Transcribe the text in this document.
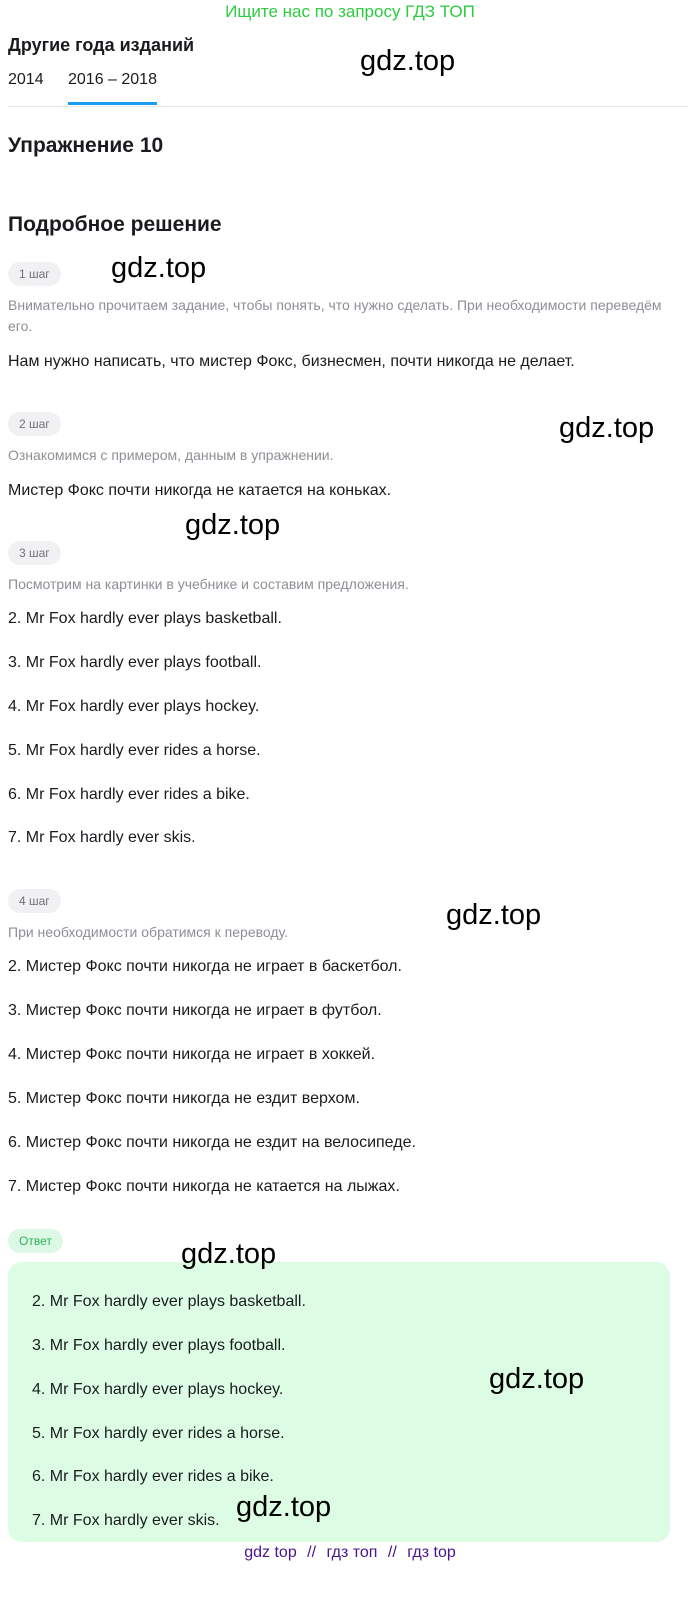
Ищите нас по запросу ГДЗ ТОП
Другие года изданий
2014 2016 – 2018
Упражнение 10
Подробное решение
1 шаг
Внимательно прочитаем задание, чтобы понять, что нужно сделать. При необходимости переведём его.
Нам нужно написать, что мистер Фокс, бизнесмен, почти никогда не делает.
2 шаг
Ознакомимся с примером, данным в упражнении.
Мистер Фокс почти никогда не катается на коньках.
3 шаг
Посмотрим на картинки в учебнике и составим предложения.
2. Mr Fox hardly ever plays basketball.
3. Mr Fox hardly ever plays football.
4. Mr Fox hardly ever plays hockey.
5. Mr Fox hardly ever rides a horse.
6. Mr Fox hardly ever rides a bike.
7. Mr Fox hardly ever skis.
4 шаг
При необходимости обратимся к переводу.
2. Мистер Фокс почти никогда не играет в баскетбол.
3. Мистер Фокс почти никогда не играет в футбол.
4. Мистер Фокс почти никогда не играет в хоккей.
5. Мистер Фокс почти никогда не ездит верхом.
6. Мистер Фокс почти никогда не ездит на велосипеде.
7. Мистер Фокс почти никогда не катается на лыжах.
Ответ
2. Mr Fox hardly ever plays basketball.
3. Mr Fox hardly ever plays football.
4. Mr Fox hardly ever plays hockey.
5. Mr Fox hardly ever rides a horse.
6. Mr Fox hardly ever rides a bike.
7. Mr Fox hardly ever skis.
gdz.top
gdz.top
gdz.top
gdz.top
gdz.top
gdz.top
gdz.top
gdz.top
gdz top // гдз топ // гдз top
